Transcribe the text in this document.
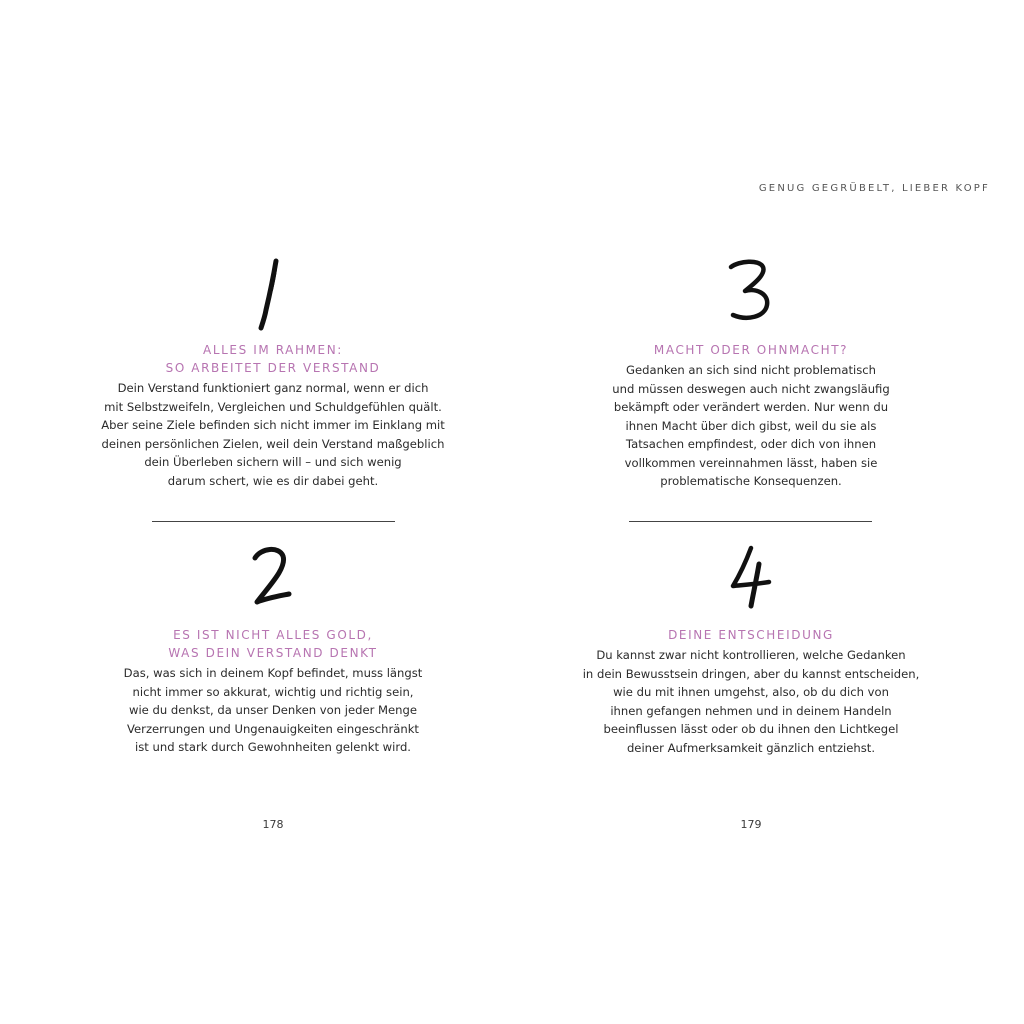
GENUG GEGRÜBELT, LIEBER KOPF
ALLES IM RAHMEN:
SO ARBEITET DER VERSTAND
Dein Verstand funktioniert ganz normal, wenn er dich
mit Selbstzweifeln, Vergleichen und Schuldgefühlen quält.
Aber seine Ziele befinden sich nicht immer im Einklang mit
deinen persönlichen Zielen, weil dein Verstand maßgeblich
dein Überleben sichern will – und sich wenig
darum schert, wie es dir dabei geht.
MACHT ODER OHNMACHT?
Gedanken an sich sind nicht problematisch
und müssen deswegen auch nicht zwangsläufig
bekämpft oder verändert werden. Nur wenn du
ihnen Macht über dich gibst, weil du sie als
Tatsachen empfindest, oder dich von ihnen
vollkommen vereinnahmen lässt, haben sie
problematische Konsequenzen.
ES IST NICHT ALLES GOLD,
WAS DEIN VERSTAND DENKT
Das, was sich in deinem Kopf befindet, muss längst
nicht immer so akkurat, wichtig und richtig sein,
wie du denkst, da unser Denken von jeder Menge
Verzerrungen und Ungenauigkeiten eingeschränkt
ist und stark durch Gewohnheiten gelenkt wird.
DEINE ENTSCHEIDUNG
Du kannst zwar nicht kontrollieren, welche Gedanken
in dein Bewusstsein dringen, aber du kannst entscheiden,
wie du mit ihnen umgehst, also, ob du dich von
ihnen gefangen nehmen und in deinem Handeln
beeinflussen lässt oder ob du ihnen den Lichtkegel
deiner Aufmerksamkeit gänzlich entziehst.
178	179
